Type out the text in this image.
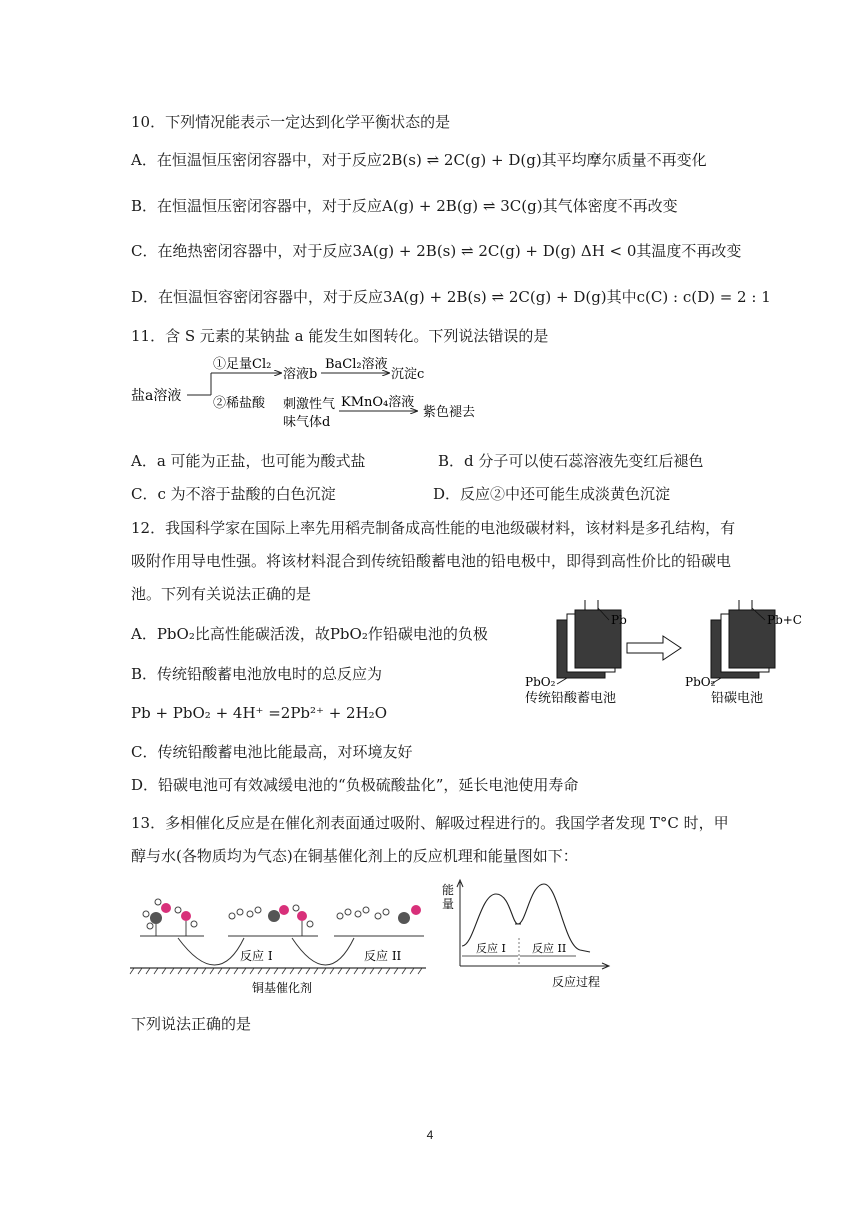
10．下列情况能表示一定达到化学平衡状态的是
A．在恒温恒压密闭容器中，对于反应2B(s) ⇌ 2C(g) + D(g)其平均摩尔质量不再变化
B．在恒温恒压密闭容器中，对于反应A(g) + 2B(g) ⇌ 3C(g)其气体密度不再改变
C．在绝热密闭容器中，对于反应3A(g) + 2B(s) ⇌ 2C(g) + D(g) ΔH < 0其温度不再改变
D．在恒温恒容密闭容器中，对于反应3A(g) + 2B(s) ⇌ 2C(g) + D(g)其中c(C) : c(D) = 2 : 1
11．含 S 元素的某钠盐 a 能发生如图转化。下列说法错误的是
盐a溶液
①足量Cl₂
②稀盐酸
溶液b
BaCl₂溶液
沉淀c
刺激性气
味气体d
KMnO₄溶液
紫色褪去
A．a 可能为正盐，也可能为酸式盐	B．d 分子可以使石蕊溶液先变红后褪色
C．c 为不溶于盐酸的白色沉淀	D．反应②中还可能生成淡黄色沉淀
12．我国科学家在国际上率先用稻壳制备成高性能的电池级碳材料，该材料是多孔结构，有
吸附作用导电性强。将该材料混合到传统铅酸蓄电池的铅电极中，即得到高性价比的铅碳电
池。下列有关说法正确的是
A．PbO₂比高性能碳活泼，故PbO₂作铅碳电池的负极
B．传统铅酸蓄电池放电时的总反应为
Pb + PbO₂ + 4H⁺ =2Pb²⁺ + 2H₂O
C．传统铅酸蓄电池比能最高，对环境友好
D．铅碳电池可有效减缓电池的“负极硫酸盐化”，延长电池使用寿命
Pb
PbO₂
传统铅酸蓄电池
Pb+C
PbO₂
铅碳电池
13．多相催化反应是在催化剂表面通过吸附、解吸过程进行的。我国学者发现 T°C 时，甲
醇与水(各物质均为气态)在铜基催化剂上的反应机理和能量图如下：
反应 I	反应 II
铜基催化剂
能
量
反应 I 反应 II
反应过程
下列说法正确的是
4
